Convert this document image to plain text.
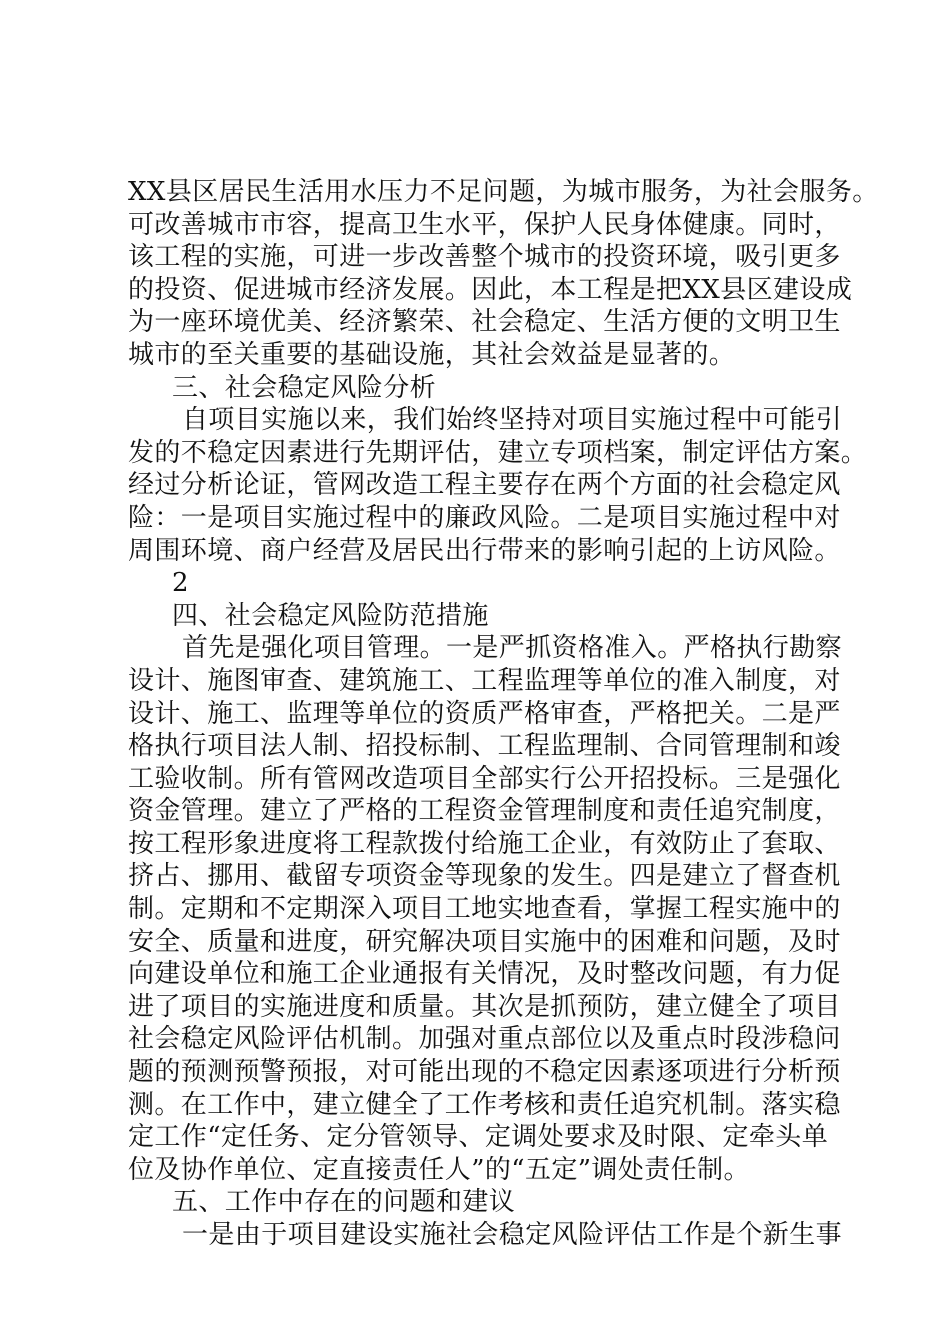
XX县区居民生活用水压力不足问题，为城市服务，为社会服务。
可改善城市市容，提高卫生水平，保护人民身体健康。同时，
该工程的实施，可进一步改善整个城市的投资环境，吸引更多
的投资、促进城市经济发展。因此，本工程是把XX县区建设成
为一座环境优美、经济繁荣、社会稳定、生活方便的文明卫生
城市的至关重要的基础设施，其社会效益是显著的。
三、社会稳定风险分析
自项目实施以来，我们始终坚持对项目实施过程中可能引
发的不稳定因素进行先期评估，建立专项档案，制定评估方案。
经过分析论证，管网改造工程主要存在两个方面的社会稳定风
险：一是项目实施过程中的廉政风险。二是项目实施过程中对
周围环境、商户经营及居民出行带来的影响引起的上访风险。
2
四、社会稳定风险防范措施
首先是强化项目管理。一是严抓资格准入。严格执行勘察
设计、施图审查、建筑施工、工程监理等单位的准入制度，对
设计、施工、监理等单位的资质严格审查，严格把关。二是严
格执行项目法人制、招投标制、工程监理制、合同管理制和竣
工验收制。所有管网改造项目全部实行公开招投标。三是强化
资金管理。建立了严格的工程资金管理制度和责任追究制度，
按工程形象进度将工程款拨付给施工企业，有效防止了套取、
挤占、挪用、截留专项资金等现象的发生。四是建立了督查机
制。定期和不定期深入项目工地实地查看，掌握工程实施中的
安全、质量和进度，研究解决项目实施中的困难和问题，及时
向建设单位和施工企业通报有关情况，及时整改问题，有力促
进了项目的实施进度和质量。其次是抓预防，建立健全了项目
社会稳定风险评估机制。加强对重点部位以及重点时段涉稳问
题的预测预警预报，对可能出现的不稳定因素逐项进行分析预
测。在工作中，建立健全了工作考核和责任追究机制。落实稳
定工作“定任务、定分管领导、定调处要求及时限、定牵头单
位及协作单位、定直接责任人”的“五定”调处责任制。
五、工作中存在的问题和建议
一是由于项目建设实施社会稳定风险评估工作是个新生事
